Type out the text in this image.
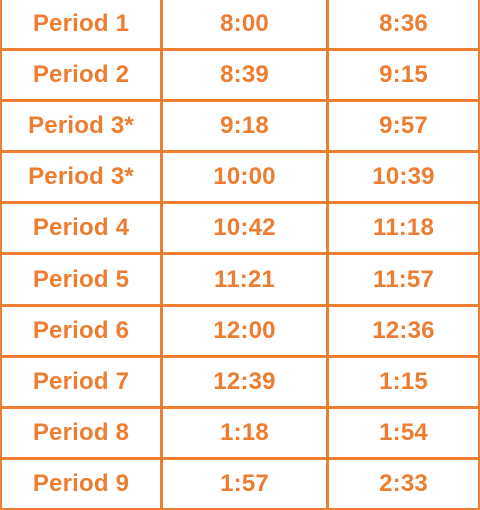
Period 1	8:00	8:36
Period 2	8:39	9:15
Period 3*	9:18	9:57
Period 3*	10:00	10:39
Period 4	10:42	11:18
Period 5	11:21	11:57
Period 6	12:00	12:36
Period 7	12:39	1:15
Period 8	1:18	1:54
Period 9	1:57	2:33
